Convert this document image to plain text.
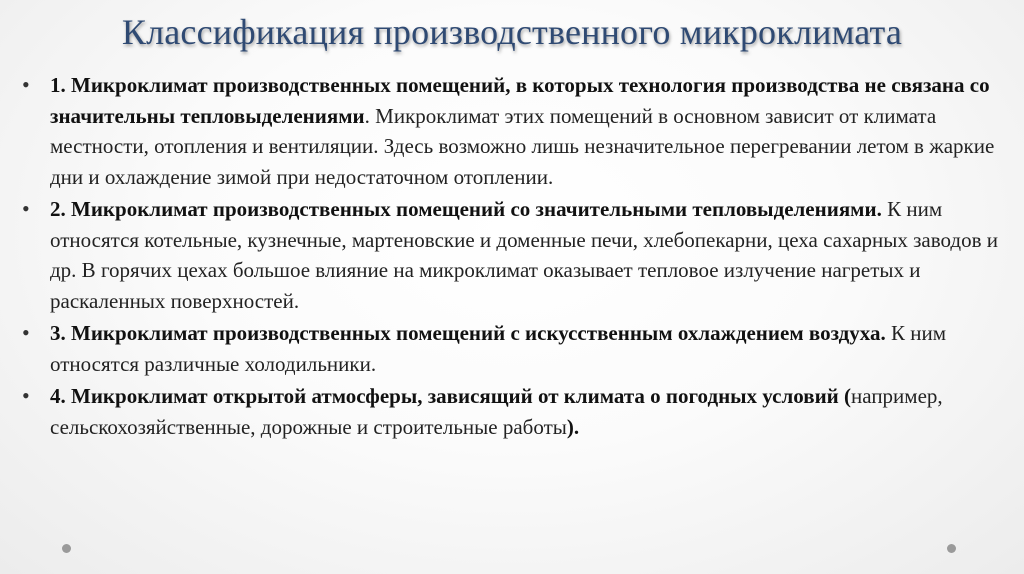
Классификация производственного микроклимата
• 1. Микроклимат производственных помещений, в которых технология производства не связана со значительны тепловыделениями. Микроклимат этих помещений в основном зависит от климата местности, отопления и вентиляции. Здесь возможно лишь незначительное перегревании летом в жаркие дни и охлаждение зимой при недостаточном отоплении.
• 2. Микроклимат производственных помещений со значительными тепловыделениями. К ним относятся котельные, кузнечные, мартеновские и доменные печи, хлебопекарни, цеха сахарных заводов и др. В горячих цехах большое влияние на микроклимат оказывает тепловое излучение нагретых и раскаленных поверхностей.
• 3. Микроклимат производственных помещений с искусственным охлаждением воздуха. К ним относятся различные холодильники.
• 4. Микроклимат открытой атмосферы, зависящий от климата о погодных условий (например, сельскохозяйственные, дорожные и строительные работы).
